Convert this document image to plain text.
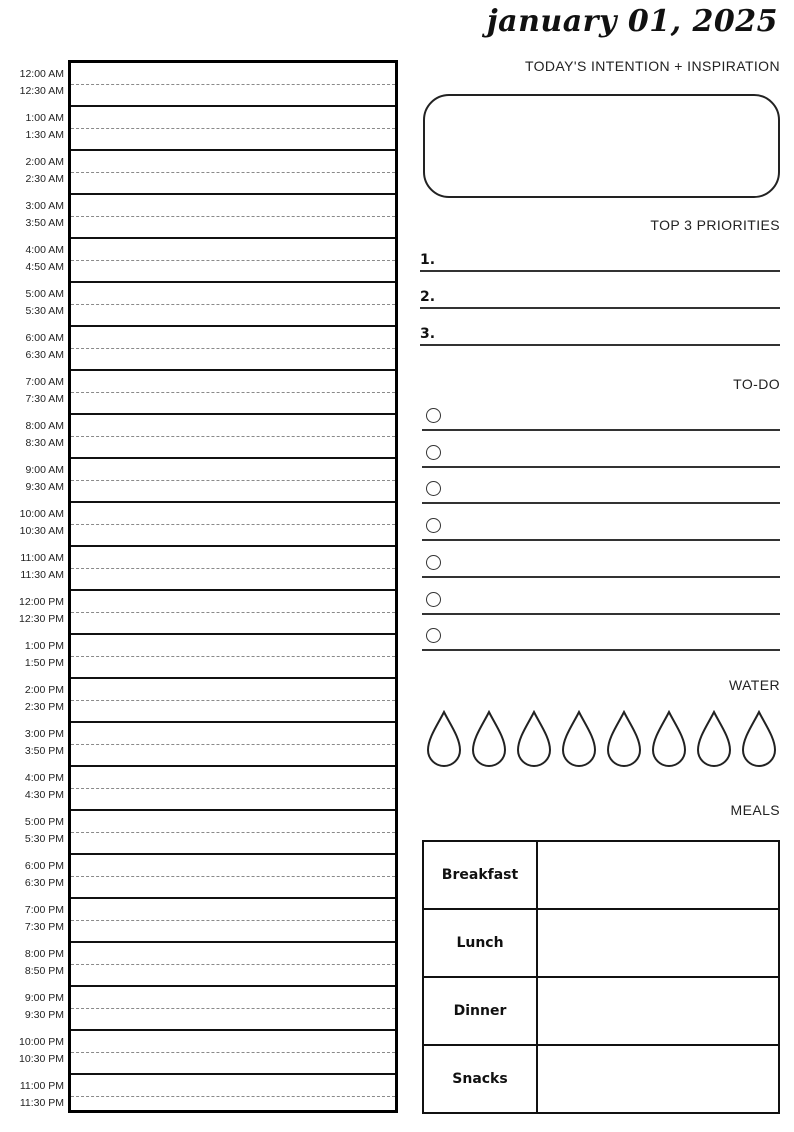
january 01, 2025
TODAY'S INTENTION + INSPIRATION
TOP 3 PRIORITIES
1.
2.
3.
TO-DO
WATER
MEALS
Breakfast	
Lunch	
Dinner	
Snacks	
12:00 AM
12:30 AM
1:00 AM
1:30 AM
2:00 AM
2:30 AM
3:00 AM
3:50 AM
4:00 AM
4:50 AM
5:00 AM
5:30 AM
6:00 AM
6:30 AM
7:00 AM
7:30 AM
8:00 AM
8:30 AM
9:00 AM
9:30 AM
10:00 AM
10:30 AM
11:00 AM
11:30 AM
12:00 PM
12:30 PM
1:00 PM
1:50 PM
2:00 PM
2:30 PM
3:00 PM
3:50 PM
4:00 PM
4:30 PM
5:00 PM
5:30 PM
6:00 PM
6:30 PM
7:00 PM
7:30 PM
8:00 PM
8:50 PM
9:00 PM
9:30 PM
10:00 PM
10:30 PM
11:00 PM
11:30 PM
